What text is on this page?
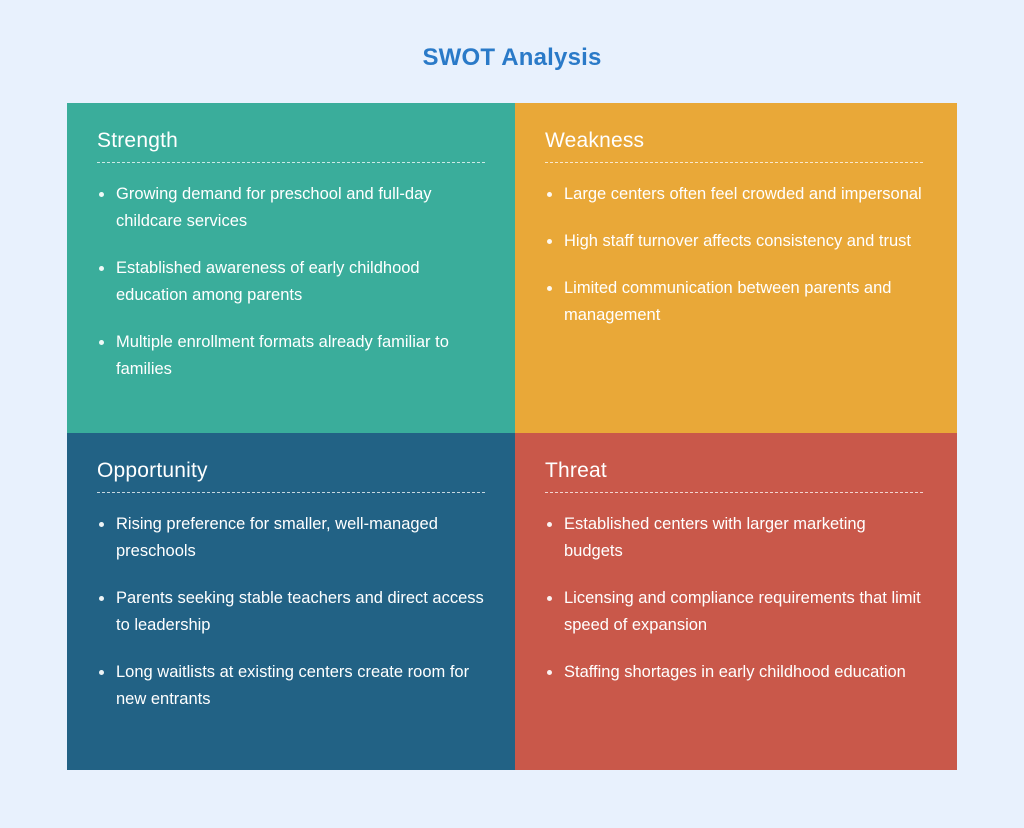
SWOT Analysis
Strength
Growing demand for preschool and full-day childcare services
Established awareness of early childhood education among parents
Multiple enrollment formats already familiar to families
Weakness
Large centers often feel crowded and impersonal
High staff turnover affects consistency and trust
Limited communication between parents and management
Opportunity
Rising preference for smaller, well-managed preschools
Parents seeking stable teachers and direct access to leadership
Long waitlists at existing centers create room for new entrants
Threat
Established centers with larger marketing budgets
Licensing and compliance requirements that limit speed of expansion
Staffing shortages in early childhood education
